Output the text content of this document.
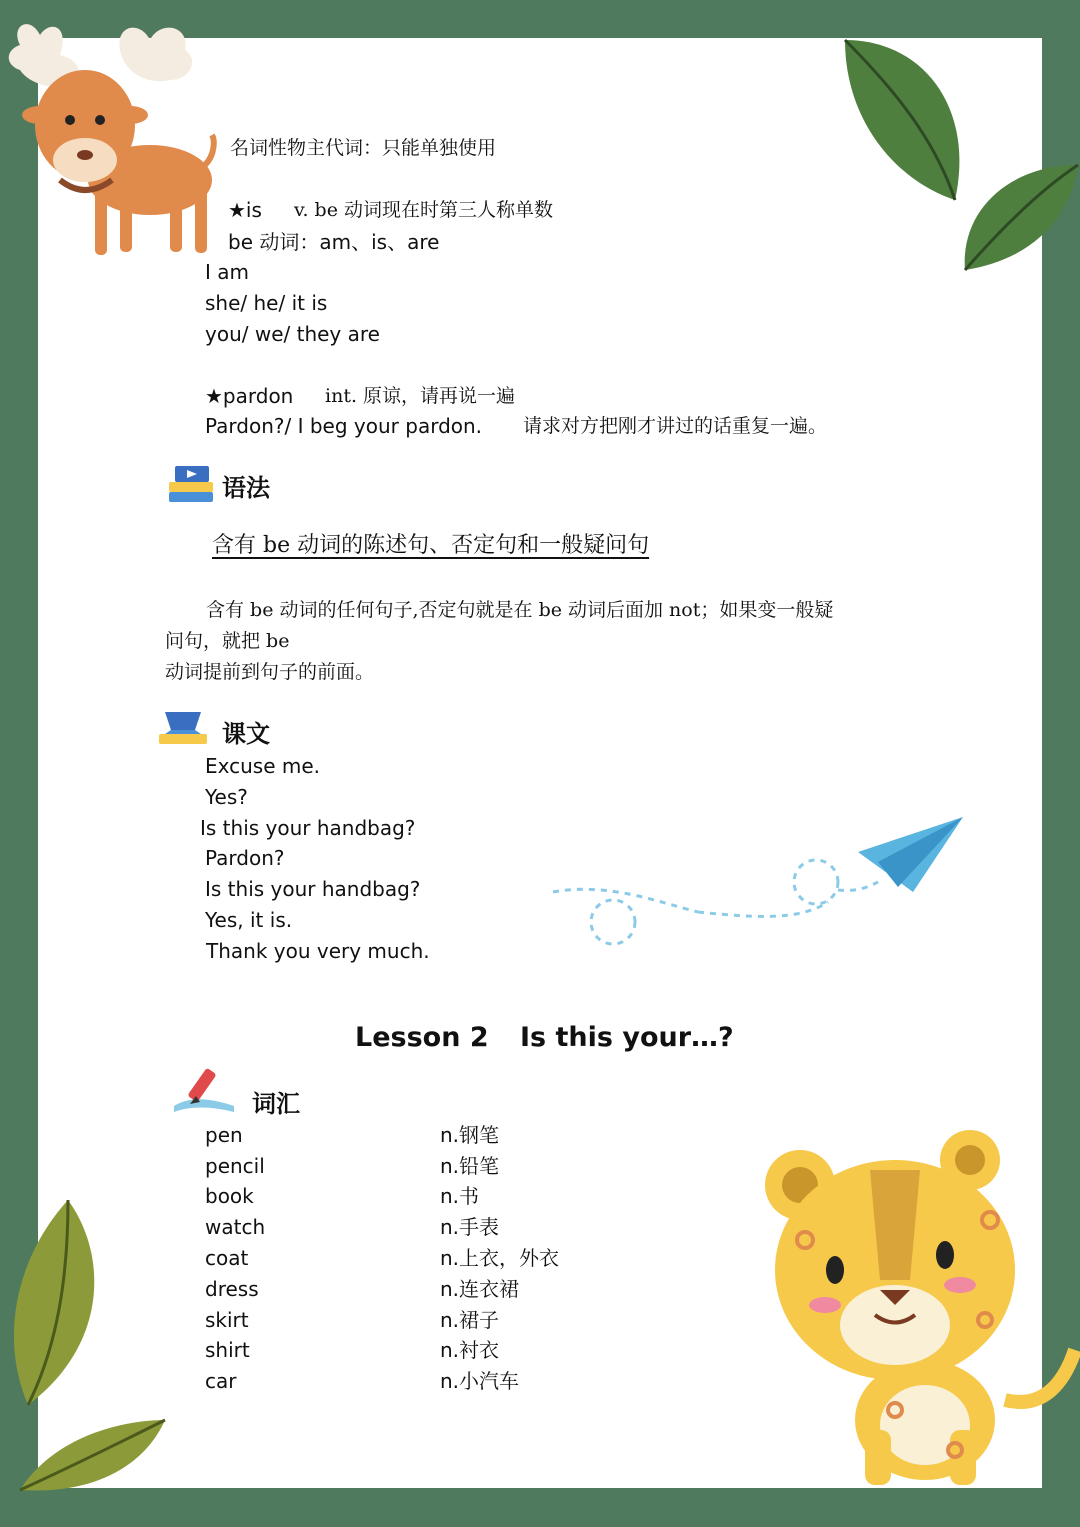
名词性物主代词：只能单独使用
★is v. be 动词现在时第三人称单数
be 动词：am、is、are
I am
she/ he/ it is
you/ we/ they are
★pardon int. 原谅，请再说一遍
Pardon?/ I beg your pardon. 请求对方把刚才讲过的话重复一遍。
语法
含有 be 动词的陈述句、否定句和一般疑问句
含有 be 动词的任何句子,否定句就是在 be 动词后面加 not；如果变一般疑
问句，就把 be
动词提前到句子的前面。
课文
Excuse me.
Yes?
Is this your handbag?
Pardon?
Is this your handbag?
Yes, it is.
Thank you very much.
Lesson 2 Is this your…?
词汇
pen	n.钢笔
pencil	n.铅笔
book	n.书
watch	n.手表
coat	n.上衣，外衣
dress	n.连衣裙
skirt	n.裙子
shirt	n.衬衣
car	n.小汽车
